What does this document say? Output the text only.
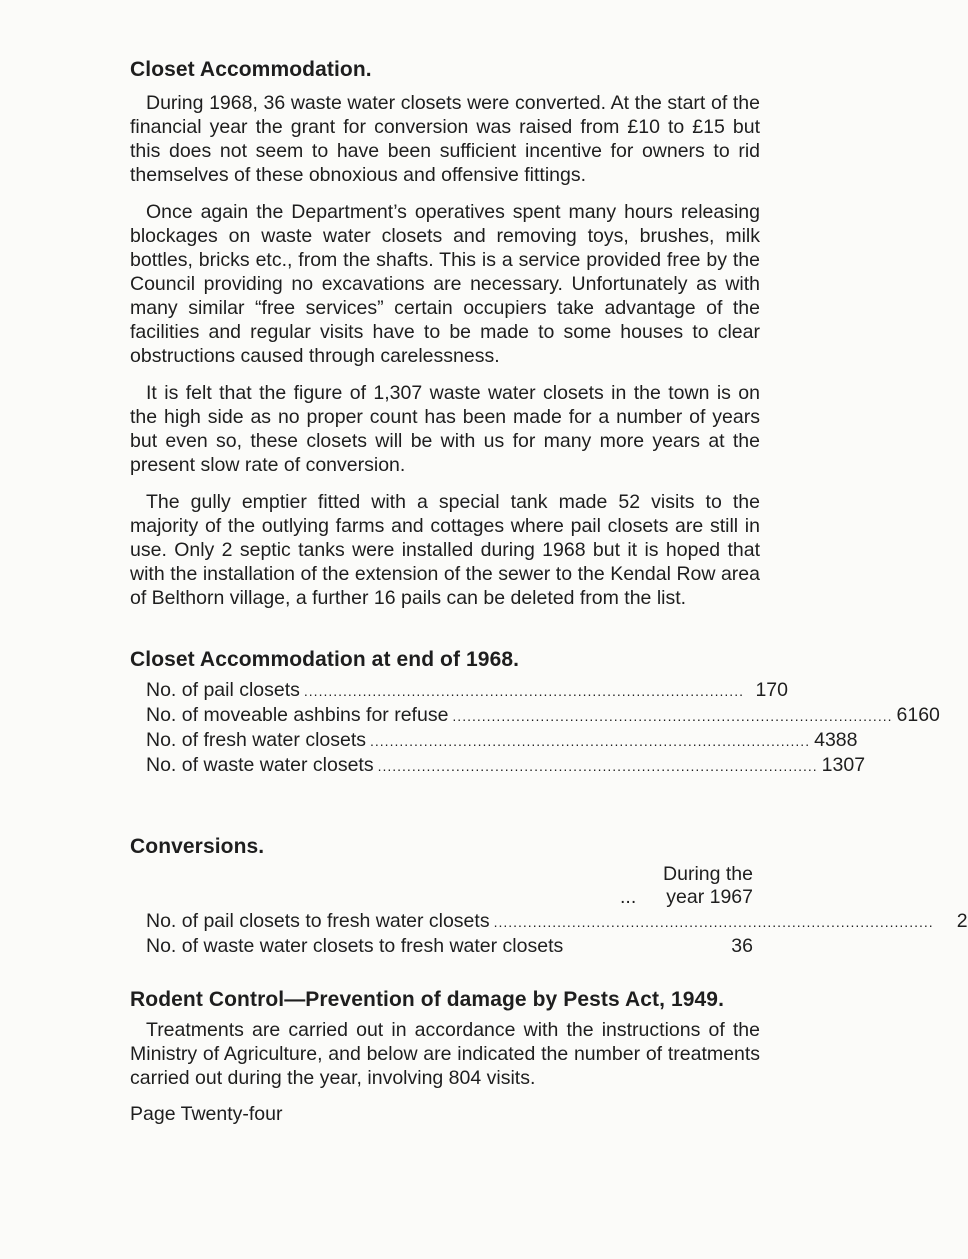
Closet Accommodation.

During 1968, 36 waste water closets were converted. At the start of the financial year the grant for conversion was raised from £10 to £15 but this does not seem to have been sufficient incentive for owners to rid themselves of these obnoxious and offensive fittings.

Once again the Department’s operatives spent many hours releasing blockages on waste water closets and removing toys, brushes, milk bottles, bricks etc., from the shafts. This is a service provided free by the Council providing no excavations are necessary. Unfortunately as with many similar “free services” certain occupiers take advantage of the facilities and regular visits have to be made to some houses to clear obstructions caused through carelessness.

It is felt that the figure of 1,307 waste water closets in the town is on the high side as no proper count has been made for a number of years but even so, these closets will be with us for many more years at the present slow rate of conversion.

The gully emptier fitted with a special tank made 52 visits to the majority of the outlying farms and cottages where pail closets are still in use. Only 2 septic tanks were installed during 1968 but it is hoped that with the installation of the extension of the sewer to the Kendal Row area of Belthorn village, a further 16 pails can be deleted from the list.

Closet Accommodation at end of 1968.
No. of pail closets .......................................................................................... 170
No. of moveable ashbins for refuse .......................................................................................... 6160
No. of fresh water closets .......................................................................................... 4388
No. of waste water closets .......................................................................................... 1307
Conversions.
During the
... year 1967
No. of pail closets to fresh water closets ..........................................................................................	2
No. of waste water closets to fresh water closets	36
Rodent Control—Prevention of damage by Pests Act, 1949.

Treatments are carried out in accordance with the instructions of the Ministry of Agriculture, and below are indicated the number of treatments carried out during the year, involving 804 visits.

Page Twenty-four
